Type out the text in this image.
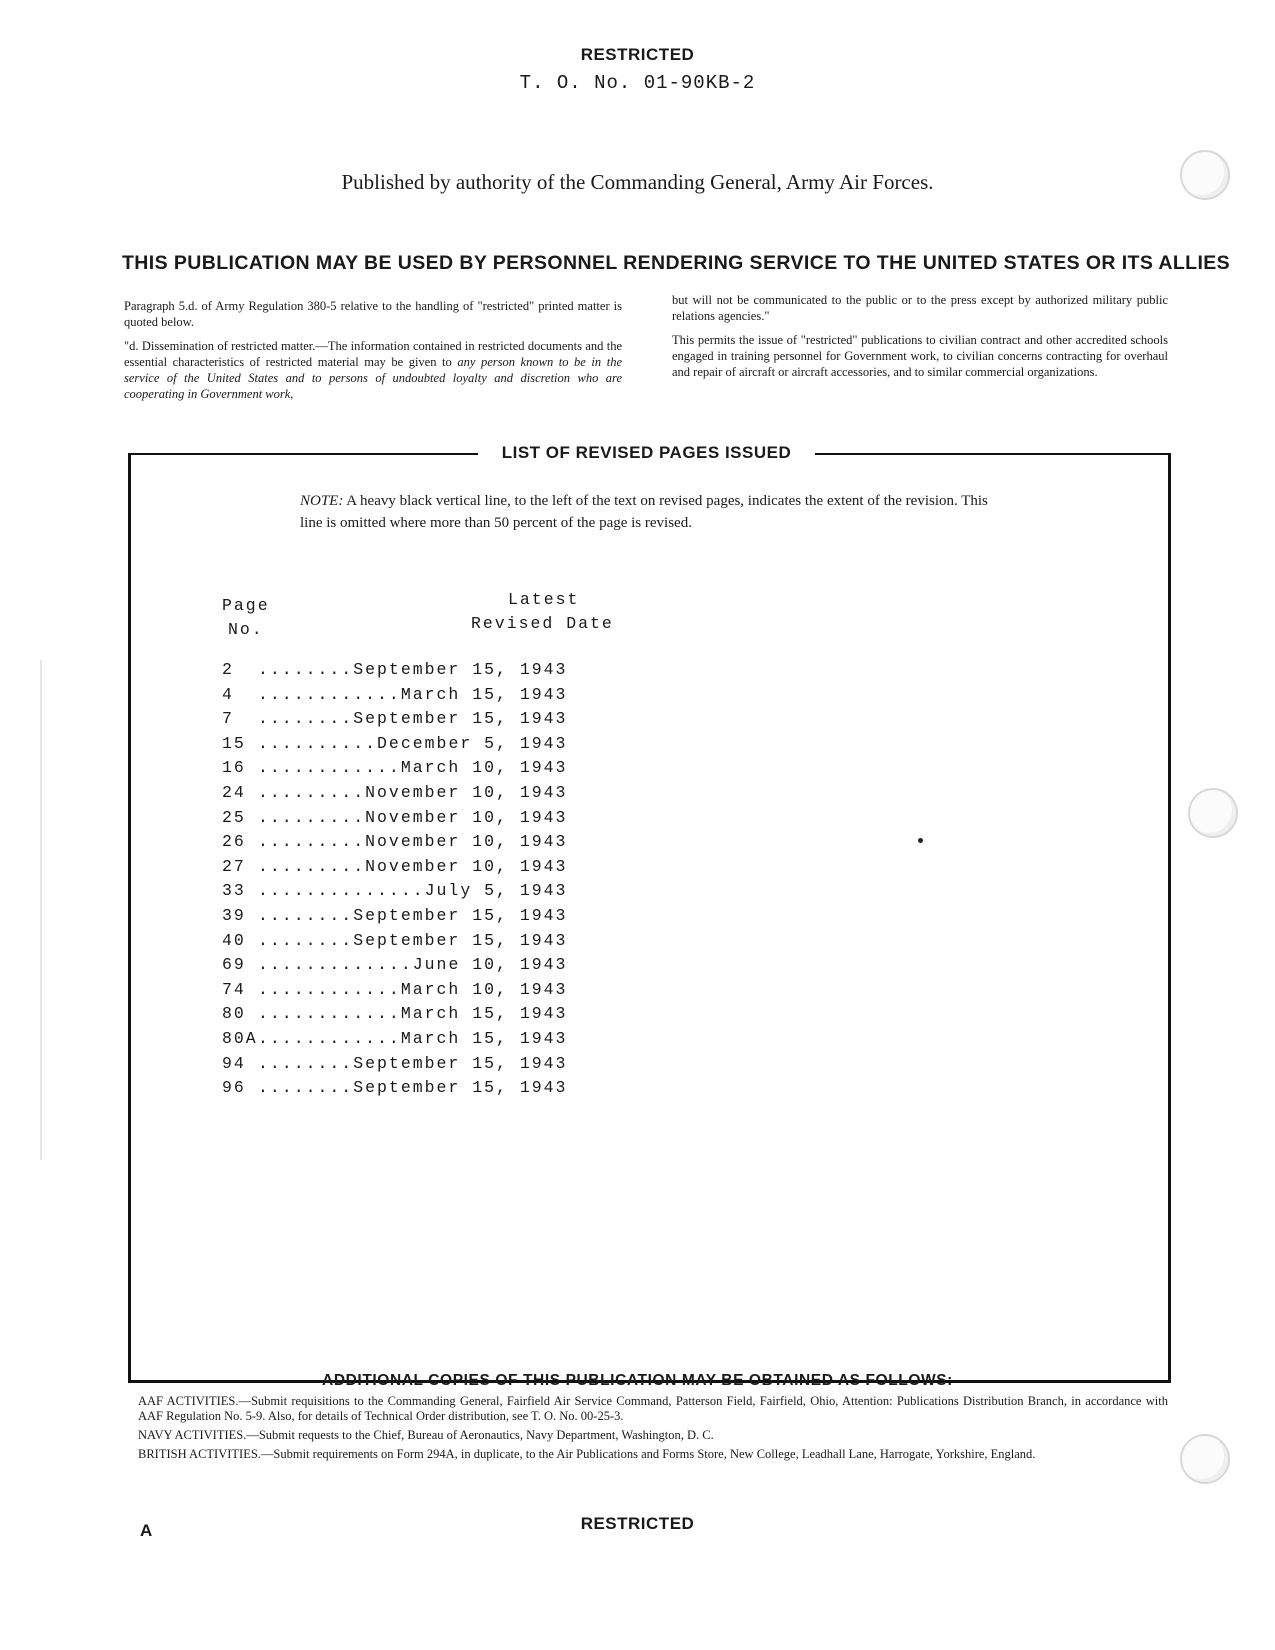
RESTRICTED
T. O. No. 01-90KB-2
Published by authority of the Commanding General, Army Air Forces.
THIS PUBLICATION MAY BE USED BY PERSONNEL RENDERING SERVICE TO THE UNITED STATES OR ITS ALLIES

Paragraph 5.d. of Army Regulation 380-5 relative to the handling of "restricted" printed matter is quoted below.

"d. Dissemination of restricted matter.—The information contained in restricted documents and the essential characteristics of restricted material may be given to any person known to be in the service of the United States and to persons of undoubted loyalty and discretion who are cooperating in Government work,

but will not be communicated to the public or to the press except by authorized military public relations agencies."

This permits the issue of "restricted" publications to civilian contract and other accredited schools engaged in training personnel for Government work, to civilian concerns contracting for overhaul and repair of aircraft or aircraft accessories, and to similar commercial organizations.

LIST OF REVISED PAGES ISSUED
NOTE: A heavy black vertical line, to the left of the text on revised pages, indicates the extent of the revision. This line is omitted where more than 50 percent of the page is revised.
Page
No.
Latest
Revised Date
2 ........September 15, 1943
4 ............March 15, 1943
7 ........September 15, 1943
15 ..........December 5, 1943
16 ............March 10, 1943
24 .........November 10, 1943
25 .........November 10, 1943
26 .........November 10, 1943
27 .........November 10, 1943
33 ..............July 5, 1943
39 ........September 15, 1943
40 ........September 15, 1943
69 .............June 10, 1943
74 ............March 10, 1943
80 ............March 15, 1943
80A............March 15, 1943
94 ........September 15, 1943
96 ........September 15, 1943
ADDITIONAL COPIES OF THIS PUBLICATION MAY BE OBTAINED AS FOLLOWS:

AAF ACTIVITIES.—Submit requisitions to the Commanding General, Fairfield Air Service Command, Patterson Field, Fairfield, Ohio, Attention: Publications Distribution Branch, in accordance with AAF Regulation No. 5-9. Also, for details of Technical Order distribution, see T. O. No. 00-25-3.

NAVY ACTIVITIES.—Submit requests to the Chief, Bureau of Aeronautics, Navy Department, Washington, D. C.

BRITISH ACTIVITIES.—Submit requirements on Form 294A, in duplicate, to the Air Publications and Forms Store, New College, Leadhall Lane, Harrogate, Yorkshire, England.

A	RESTRICTED
